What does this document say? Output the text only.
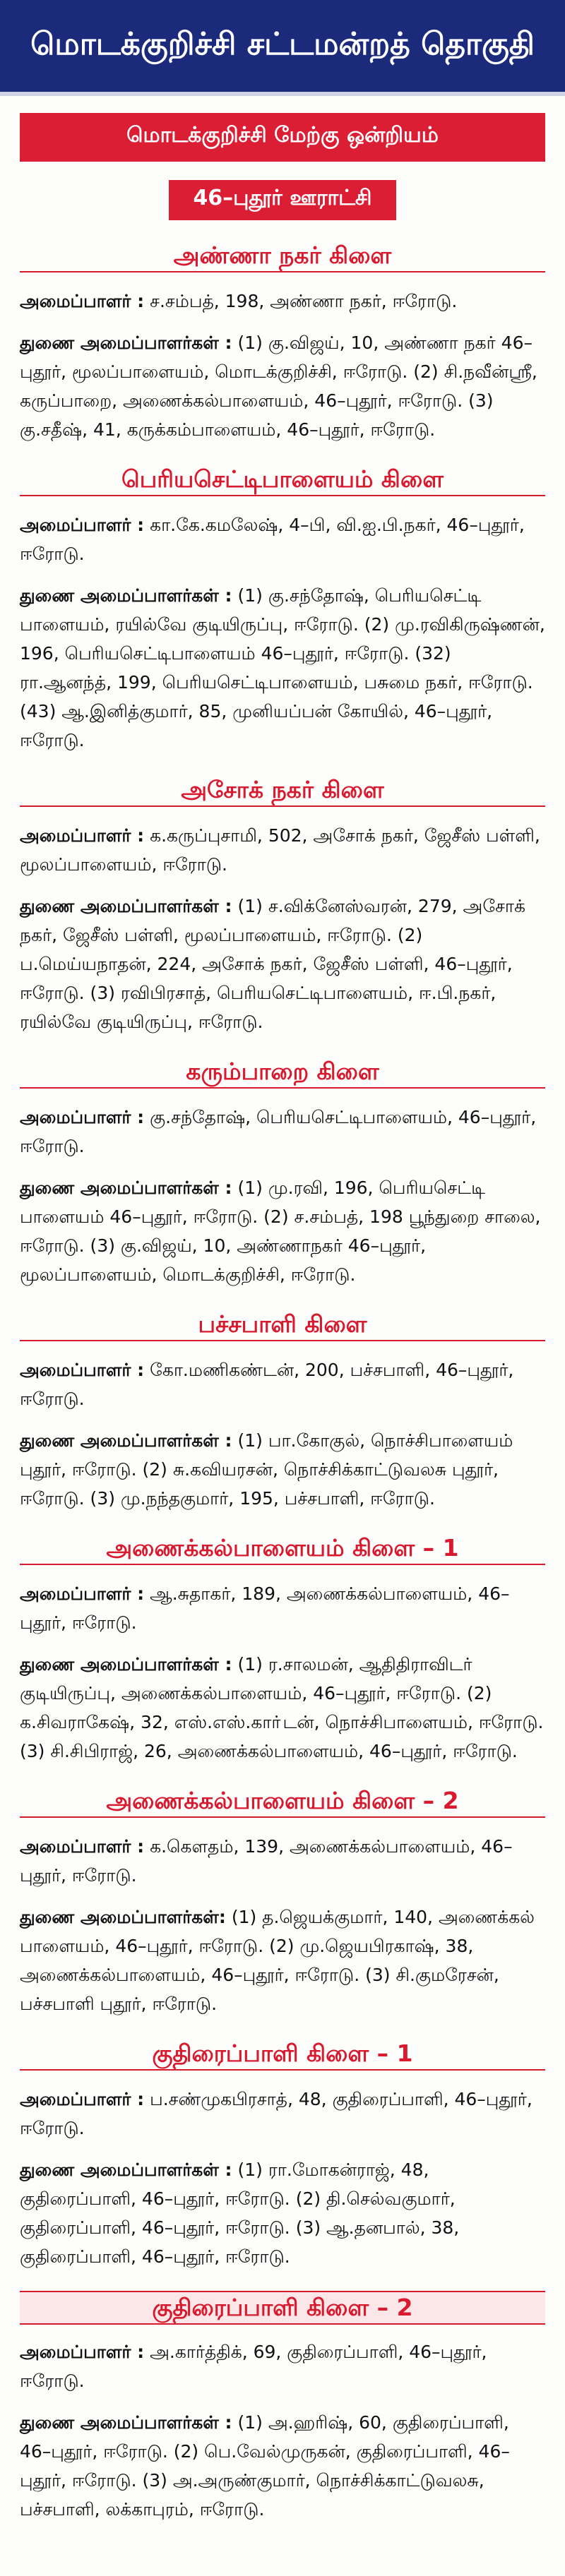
மொடக்குறிச்சி சட்டமன்றத் தொகுதி
மொடக்குறிச்சி மேற்கு ஒன்றியம்
46–புதூர் ஊராட்சி
அண்ணா நகர் கிளை

அமைப்பாளர் : ச.சம்பத், 198, அண்ணா நகர், ஈரோடு.

துணை அமைப்பாளர்கள் : (1) கு.விஜய், 10, அண்ணா நகர் 46–புதூர், மூலப்பாளையம், மொடக்குறிச்சி, ஈரோடு. (2) சி.நவீன்ஸ்ரீ, கருப்பாறை, அணைக்கல்பாளையம், 46–புதூர், ஈரோடு. (3) கு.சதீஷ், 41, கருக்கம்பாளையம், 46–புதூர், ஈரோடு.

பெரியசெட்டிபாளையம் கிளை

அமைப்பாளர் : கா.கே.கமலேஷ், 4–பி, வி.ஐ.பி.நகர், 46–புதூர், ஈரோடு.

துணை அமைப்பாளர்கள் : (1) கு.சந்தோஷ், பெரியசெட்டி பாளையம், ரயில்வே குடியிருப்பு, ஈரோடு. (2) மு.ரவிகிருஷ்ணன், 196, பெரியசெட்டிபாளையம் 46–புதூர், ஈரோடு. (32) ரா.ஆனந்த், 199, பெரியசெட்டிபாளையம், பசுமை நகர், ஈரோடு. (43) ஆ.இனித்குமார், 85, முனியப்பன் கோயில், 46–புதூர், ஈரோடு.

அசோக் நகர் கிளை

அமைப்பாளர் : க.கருப்புசாமி, 502, அசோக் நகர், ஜேசீஸ் பள்ளி, மூலப்பாளையம், ஈரோடு.

துணை அமைப்பாளர்கள் : (1) ச.விக்னேஸ்வரன், 279, அசோக் நகர், ஜேசீஸ் பள்ளி, மூலப்பாளையம், ஈரோடு. (2) ப.மெய்யநாதன், 224, அசோக் நகர், ஜேசீஸ் பள்ளி, 46–புதூர், ஈரோடு. (3) ரவிபிரசாத், பெரியசெட்டிபாளையம், ஈ.பி.நகர், ரயில்வே குடியிருப்பு, ஈரோடு.

கரும்பாறை கிளை

அமைப்பாளர் : கு.சந்தோஷ், பெரியசெட்டிபாளையம், 46–புதூர், ஈரோடு.

துணை அமைப்பாளர்கள் : (1) மு.ரவி, 196, பெரியசெட்டி பாளையம் 46–புதூர், ஈரோடு. (2) ச.சம்பத், 198 பூந்துறை சாலை, ஈரோடு. (3) கு.விஜய், 10, அண்ணாநகர் 46–புதூர், மூலப்பாளையம், மொடக்குறிச்சி, ஈரோடு.

பச்சபாளி கிளை

அமைப்பாளர் : கோ.மணிகண்டன், 200, பச்சபாளி, 46–புதூர், ஈரோடு.

துணை அமைப்பாளர்கள் : (1) பா.கோகுல், நொச்சிபாளையம் புதூர், ஈரோடு. (2) சு.கவியரசன், நொச்சிக்காட்டுவலசு புதூர், ஈரோடு. (3) மு.நந்தகுமார், 195, பச்சபாளி, ஈரோடு.

அணைக்கல்பாளையம் கிளை – 1

அமைப்பாளர் : ஆ.சுதாகர், 189, அணைக்கல்பாளையம், 46–புதூர், ஈரோடு.

துணை அமைப்பாளர்கள் : (1) ர.சாலமன், ஆதிதிராவிடர் குடியிருப்பு, அணைக்கல்பாளையம், 46–புதூர், ஈரோடு. (2) க.சிவராகேஷ், 32, எஸ்.எஸ்.காா்டன், நொச்சிபாளையம், ஈரோடு. (3) சி.சிபிராஜ், 26, அணைக்கல்பாளையம், 46–புதூர், ஈரோடு.

அணைக்கல்பாளையம் கிளை – 2

அமைப்பாளர் : க.கௌதம், 139, அணைக்கல்பாளையம், 46–புதூர், ஈரோடு.

துணை அமைப்பாளர்கள்: (1) த.ஜெயக்குமார், 140, அணைக்கல் பாளையம், 46–புதூர், ஈரோடு. (2) மு.ஜெயபிரகாஷ், 38, அணைக்கல்பாளையம், 46–புதூர், ஈரோடு. (3) சி.குமரேசன், பச்சபாளி புதூர், ஈரோடு.

குதிரைப்பாளி கிளை – 1

அமைப்பாளர் : ப.சண்முகபிரசாத், 48, குதிரைப்பாளி, 46–புதூர், ஈரோடு.

துணை அமைப்பாளர்கள் : (1) ரா.மோகன்ராஜ், 48, குதிரைப்பாளி, 46–புதூர், ஈரோடு. (2) தி.செல்வகுமார், குதிரைப்பாளி, 46–புதூர், ஈரோடு. (3) ஆ.தனபால், 38, குதிரைப்பாளி, 46–புதூர், ஈரோடு.

குதிரைப்பாளி கிளை – 2

அமைப்பாளர் : அ.கார்த்திக், 69, குதிரைப்பாளி, 46–புதூர், ஈரோடு.

துணை அமைப்பாளர்கள் : (1) அ.ஹரிஷ், 60, குதிரைப்பாளி, 46–புதூர், ஈரோடு. (2) பெ.வேல்முருகன், குதிரைப்பாளி, 46–புதூர், ஈரோடு. (3) அ.அருண்குமார், நொச்சிக்காட்டுவலசு, பச்சபாளி, லக்காபுரம், ஈரோடு.
